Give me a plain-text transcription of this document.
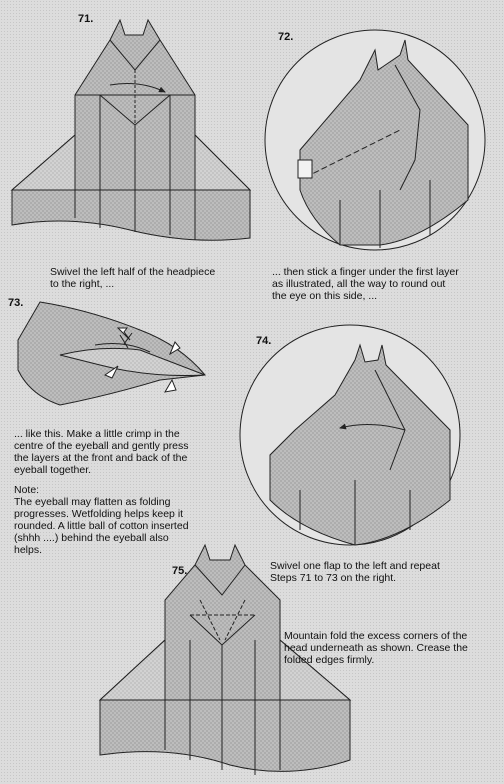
71.
72.
73.
74.
75.
Swivel the left half of the headpiece
to the right, ...
... then stick a finger under the first layer
as illustrated, all the way to round out
the eye on this side, ...
... like this. Make a little crimp in the
centre of the eyeball and gently press
the layers at the front and back of the
eyeball together.
Note:
The eyeball may flatten as folding
progresses. Wetfolding helps keep it
rounded. A little ball of cotton inserted
(shhh ....) behind the eyeball also
helps.
Swivel one flap to the left and repeat
Steps 71 to 73 on the right.
Mountain fold the excess corners of the
head underneath as shown. Crease the
folded edges firmly.
